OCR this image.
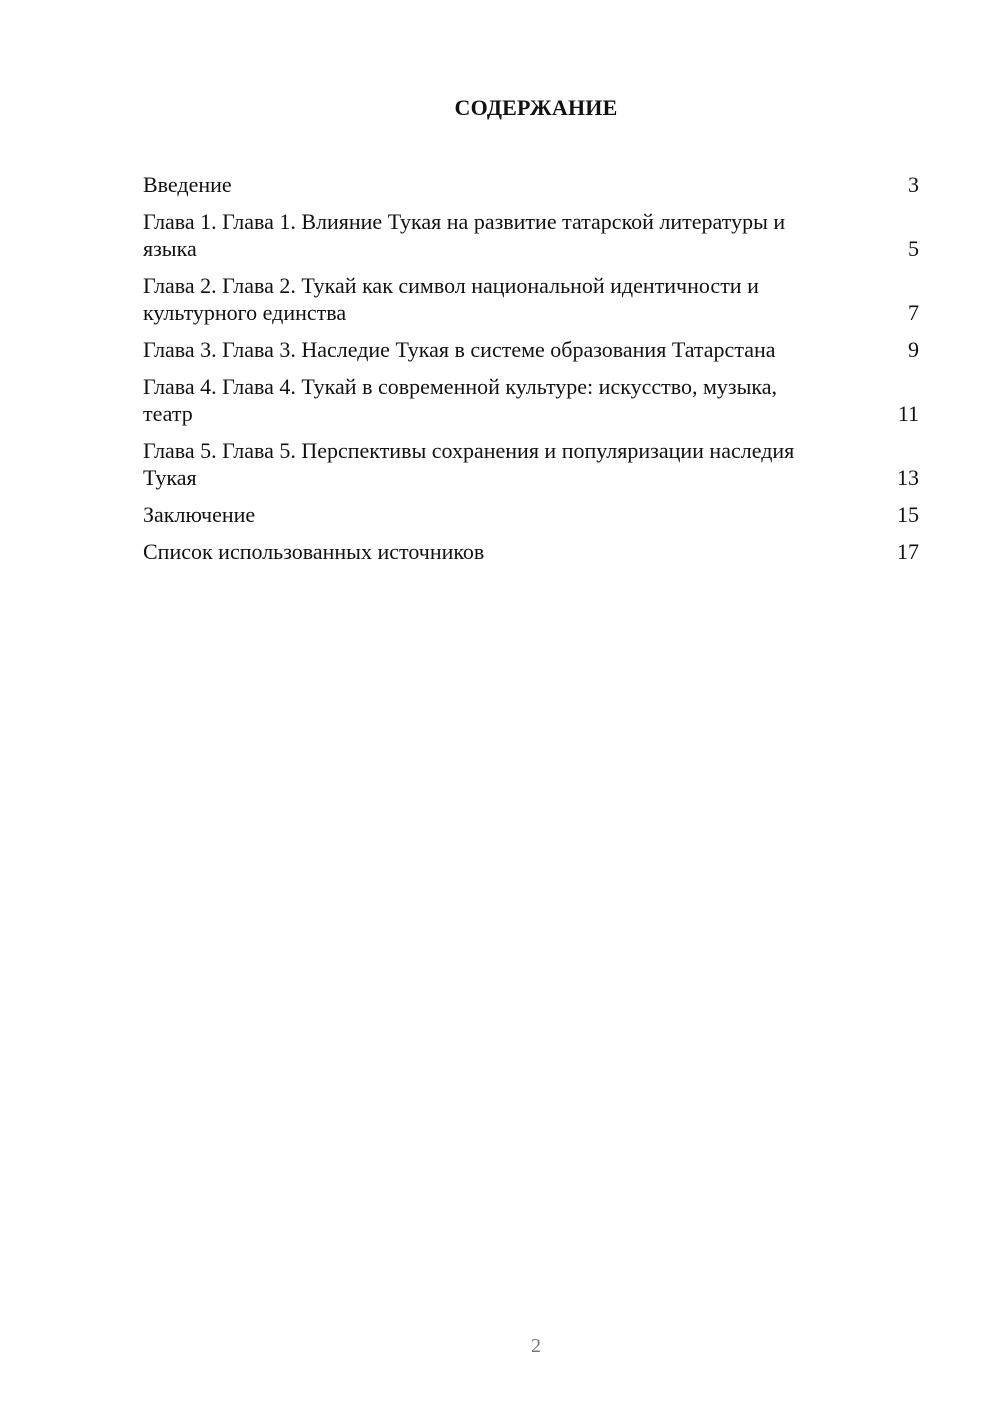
СОДЕРЖАНИЕ
Введение	3
Глава 1. Глава 1. Влияние Тукая на развитие татарской литературы и языка	5
Глава 2. Глава 2. Тукай как символ национальной идентичности и культурного единства	7
Глава 3. Глава 3. Наследие Тукая в системе образования Татарстана	9
Глава 4. Глава 4. Тукай в современной культуре: искусство, музыка, театр	11
Глава 5. Глава 5. Перспективы сохранения и популяризации наследия Тукая	13
Заключение	15
Список использованных источников	17
2
